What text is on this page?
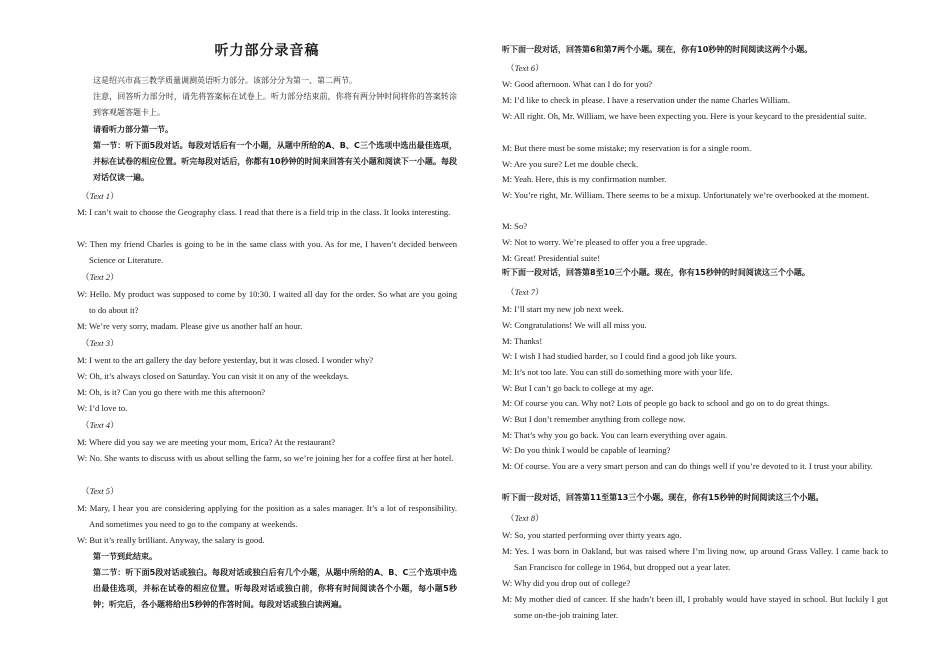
听力部分录音稿
这是绍兴市高三教学质量调测英语听力部分。该部分分为第一、第二两节。
注意，回答听力部分时，请先将答案标在试卷上。听力部分结束前，你将有两分钟时间将你的答案转涂到客观题答题卡上。
请看听力部分第一节。
第一节：听下面5段对话。每段对话后有一个小题，从题中所给的A、B、C三个选项中选出最佳选项，并标在试卷的相应位置。听完每段对话后，你都有10秒钟的时间来回答有关小题和阅读下一小题。每段对话仅读一遍。
（Text 1）
M: I can’t wait to choose the Geography class. I read that there is a field trip in the class. It looks interesting.
W: Then my friend Charles is going to be in the same class with you. As for me, I haven’t decided between Science or Literature.
（Text 2）
W: Hello. My product was supposed to come by 10:30. I waited all day for the order. So what are you going to do about it?
M: We’re very sorry, madam. Please give us another half an hour.
（Text 3）
M: I went to the art gallery the day before yesterday, but it was closed. I wonder why?
W: Oh, it’s always closed on Saturday. You can visit it on any of the weekdays.
M: Oh, is it? Can you go there with me this afternoon?
W: I’d love to.
（Text 4）
M: Where did you say we are meeting your mom, Erica? At the restaurant?
W: No. She wants to discuss with us about selling the farm, so we’re joining her for a coffee first at her hotel.
（Text 5）
M: Mary, I hear you are considering applying for the position as a sales manager. It’s a lot of responsibility. And sometimes you need to go to the company at weekends.
W: But it’s really brilliant. Anyway, the salary is good.
第一节到此结束。
第二节：听下面5段对话或独白。每段对话或独白后有几个小题，从题中所给的A、B、C三个选项中选出最佳选项，并标在试卷的相应位置。听每段对话或独白前，你将有时间阅读各个小题，每小题5秒钟；听完后，各小题将给出5秒钟的作答时间。每段对话或独白读两遍。
听下面一段对话，回答第6和第7两个小题。现在，你有10秒钟的时间阅读这两个小题。
（Text 6）
W: Good afternoon. What can I do for you?
M: I’d like to check in please. I have a reservation under the name Charles William.
W: All right. Oh, Mr. William, we have been expecting you. Here is your keycard to the presidential suite.
M: But there must be some mistake; my reservation is for a single room.
W: Are you sure? Let me double check.
M: Yeah. Here, this is my confirmation number.
W: You’re right, Mr. William. There seems to be a mixup. Unfortunately we’re overbooked at the moment.
M: So?
W: Not to worry. We’re pleased to offer you a free upgrade.
M: Great! Presidential suite!
听下面一段对话，回答第8至10三个小题。现在，你有15秒钟的时间阅读这三个小题。
（Text 7）
M: I’ll start my new job next week.
W: Congratulations! We will all miss you.
M: Thanks!
W: I wish I had studied harder, so I could find a good job like yours.
M: It’s not too late. You can still do something more with your life.
W: But I can’t go back to college at my age.
M: Of course you can. Why not? Lots of people go back to school and go on to do great things.
W: But I don’t remember anything from college now.
M: That’s why you go back. You can learn everything over again.
W: Do you think I would be capable of learning?
M: Of course. You are a very smart person and can do things well if you’re devoted to it. I trust your ability.
听下面一段对话，回答第11至第13三个小题。现在，你有15秒钟的时间阅读这三个小题。
（Text 8）
W: So, you started performing over thirty years ago.
M: Yes. I was born in Oakland, but was raised where I’m living now, up around Grass Valley. I came back to San Francisco for college in 1964, but dropped out a year later.
W: Why did you drop out of college?
M: My mother died of cancer. If she hadn’t been ill, I probably would have stayed in school. But luckily I got some on-the-job training later.
